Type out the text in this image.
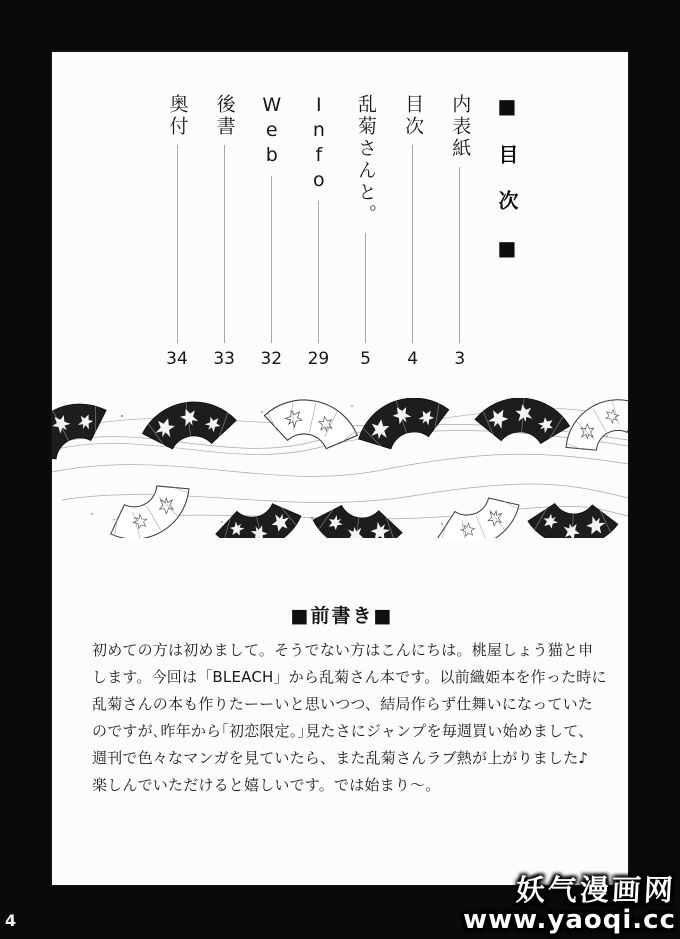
■目次■
内表紙
3
目次
4
乱菊さんと。
5
Info
29
Web
32
後書
33
奥付
34
■前書き■
初めての方は初めまして。そうでない方はこんにちは。桃屋しょう猫と申
します。今回は「BLEACH」から乱菊さん本です。以前織姫本を作った時に
乱菊さんの本も作りたーーいと思いつつ、結局作らず仕舞いになっていた
のですが､昨年から｢初恋限定｡｣見たさにジャンプを毎週買い始めまして、
週刊で色々なマンガを見ていたら、また乱菊さんラブ熱が上がりました♪
楽しんでいただけると嬉しいです。では始まり～。
4
妖气漫画网
www.yaoqi.cc
